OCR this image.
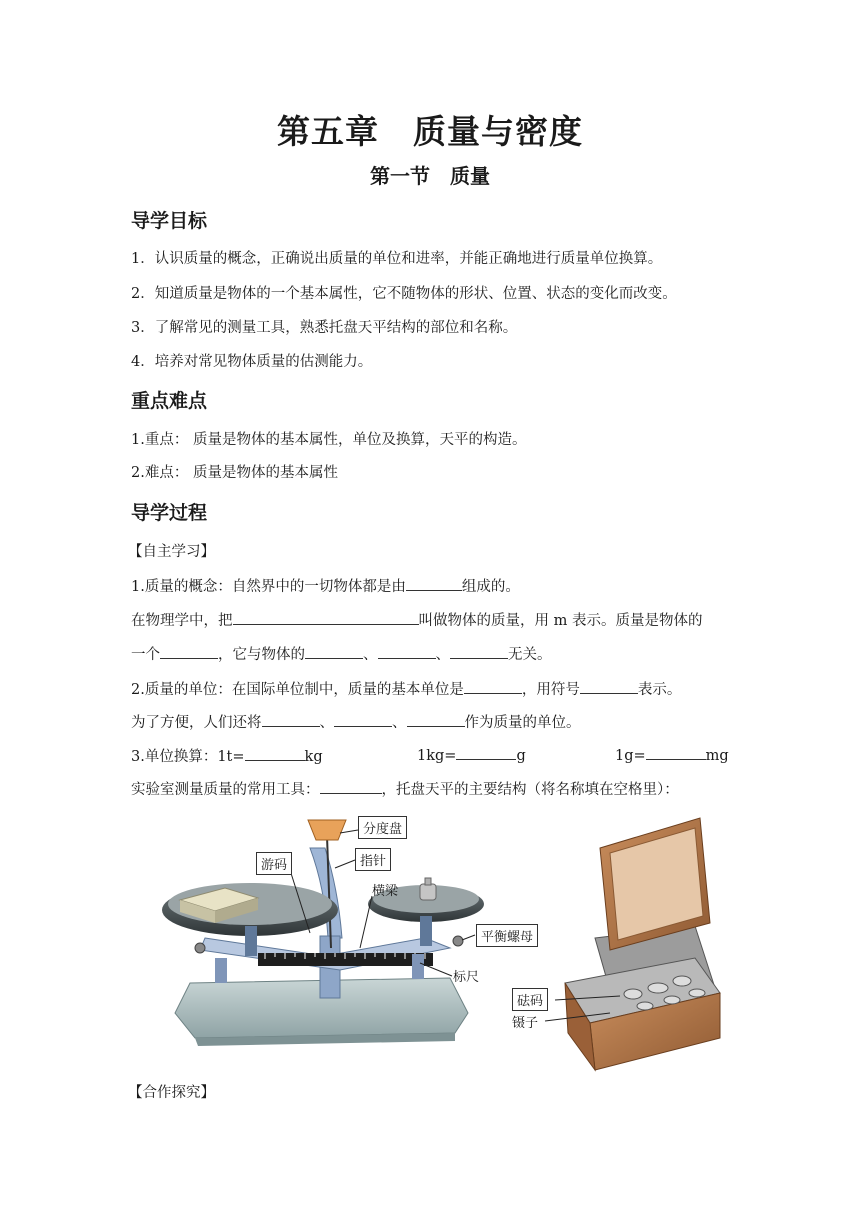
第五章　质量与密度
第一节　质量
导学目标
1．认识质量的概念，正确说出质量的单位和进率，并能正确地进行质量单位换算。
2．知道质量是物体的一个基本属性，它不随物体的形状、位置、状态的变化而改变。
3．了解常见的测量工具，熟悉托盘天平结构的部位和名称。
4．培养对常见物体质量的估测能力。
重点难点
1.重点： 质量是物体的基本属性，单位及换算，天平的构造。
2.难点： 质量是物体的基本属性
导学过程
【自主学习】
1.质量的概念：自然界中的一切物体都是由	组成的。
在物理学中，把	叫做物体的质量，用 m 表示。质量是物体的
一个	，它与物体的	、	、	无关。
2.质量的单位：在国际单位制中，质量的基本单位是	，用符号	表示。
为了方便，人们还将	、	、	作为质量的单位。
3.单位换算：1t=	kg	1kg=	g	1g=	mg
实验室测量质量的常用工具：	，托盘天平的主要结构（将名称填在空格里）：
分度盘
游码	指针
横梁
平衡螺母
标尺
砝码
镊子
【合作探究】
